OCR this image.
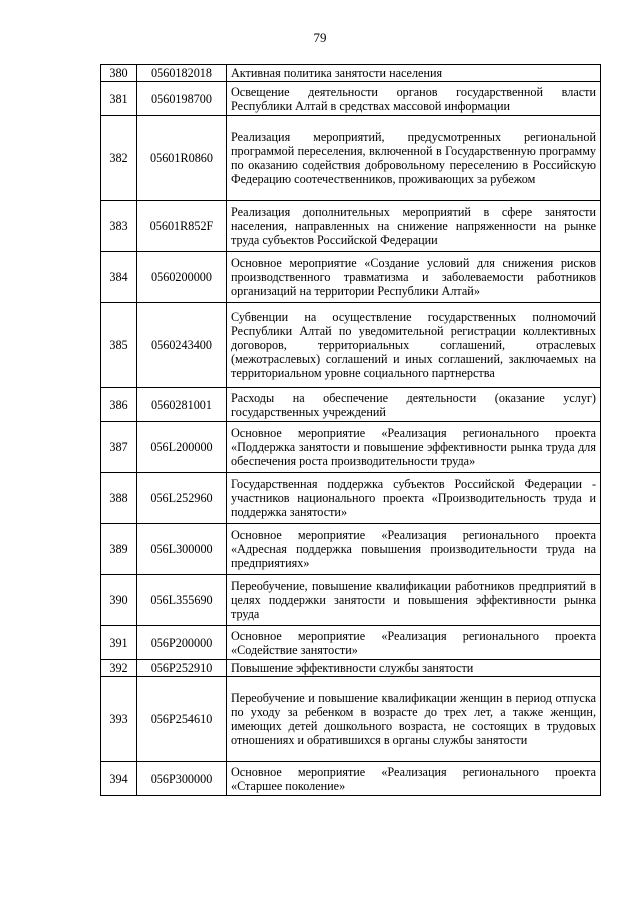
79
380	0560182018	Активная политика занятости населения
381	0560198700	Освещение деятельности органов государственной власти Республики Алтай в средствах массовой информации
382	05601R0860	Реализация мероприятий, предусмотренных региональной программой переселения, включенной в Государственную программу по оказанию содействия добровольному переселению в Российскую Федерацию соотечественников, проживающих за рубежом
383	05601R852F	Реализация дополнительных мероприятий в сфере занятости населения, направленных на снижение напряженности на рынке труда субъектов Российской Федерации
384	0560200000	Основное мероприятие «Создание условий для снижения рисков производственного травматизма и заболеваемости работников организаций на территории Республики Алтай»
385	0560243400	Субвенции на осуществление государственных полномочий Республики Алтай по уведомительной регистрации коллективных договоров, территориальных соглашений, отраслевых (межотраслевых) соглашений и иных соглашений, заключаемых на территориальном уровне социального партнерства
386	0560281001	Расходы на обеспечение деятельности (оказание услуг) государственных учреждений
387	056L200000	Основное мероприятие «Реализация регионального проекта «Поддержка занятости и повышение эффективности рынка труда для обеспечения роста производительности труда»
388	056L252960	Государственная поддержка субъектов Российской Федерации - участников национального проекта «Производительность труда и поддержка занятости»
389	056L300000	Основное мероприятие «Реализация регионального проекта «Адресная поддержка повышения производительности труда на предприятиях»
390	056L355690	Переобучение, повышение квалификации работников предприятий в целях поддержки занятости и повышения эффективности рынка труда
391	056P200000	Основное мероприятие «Реализация регионального проекта «Содействие занятости»
392	056P252910	Повышение эффективности службы занятости
393	056P254610	Переобучение и повышение квалификации женщин в период отпуска по уходу за ребенком в возрасте до трех лет, а также женщин, имеющих детей дошкольного возраста, не состоящих в трудовых отношениях и обратившихся в органы службы занятости
394	056P300000	Основное мероприятие «Реализация регионального проекта «Старшее поколение»
